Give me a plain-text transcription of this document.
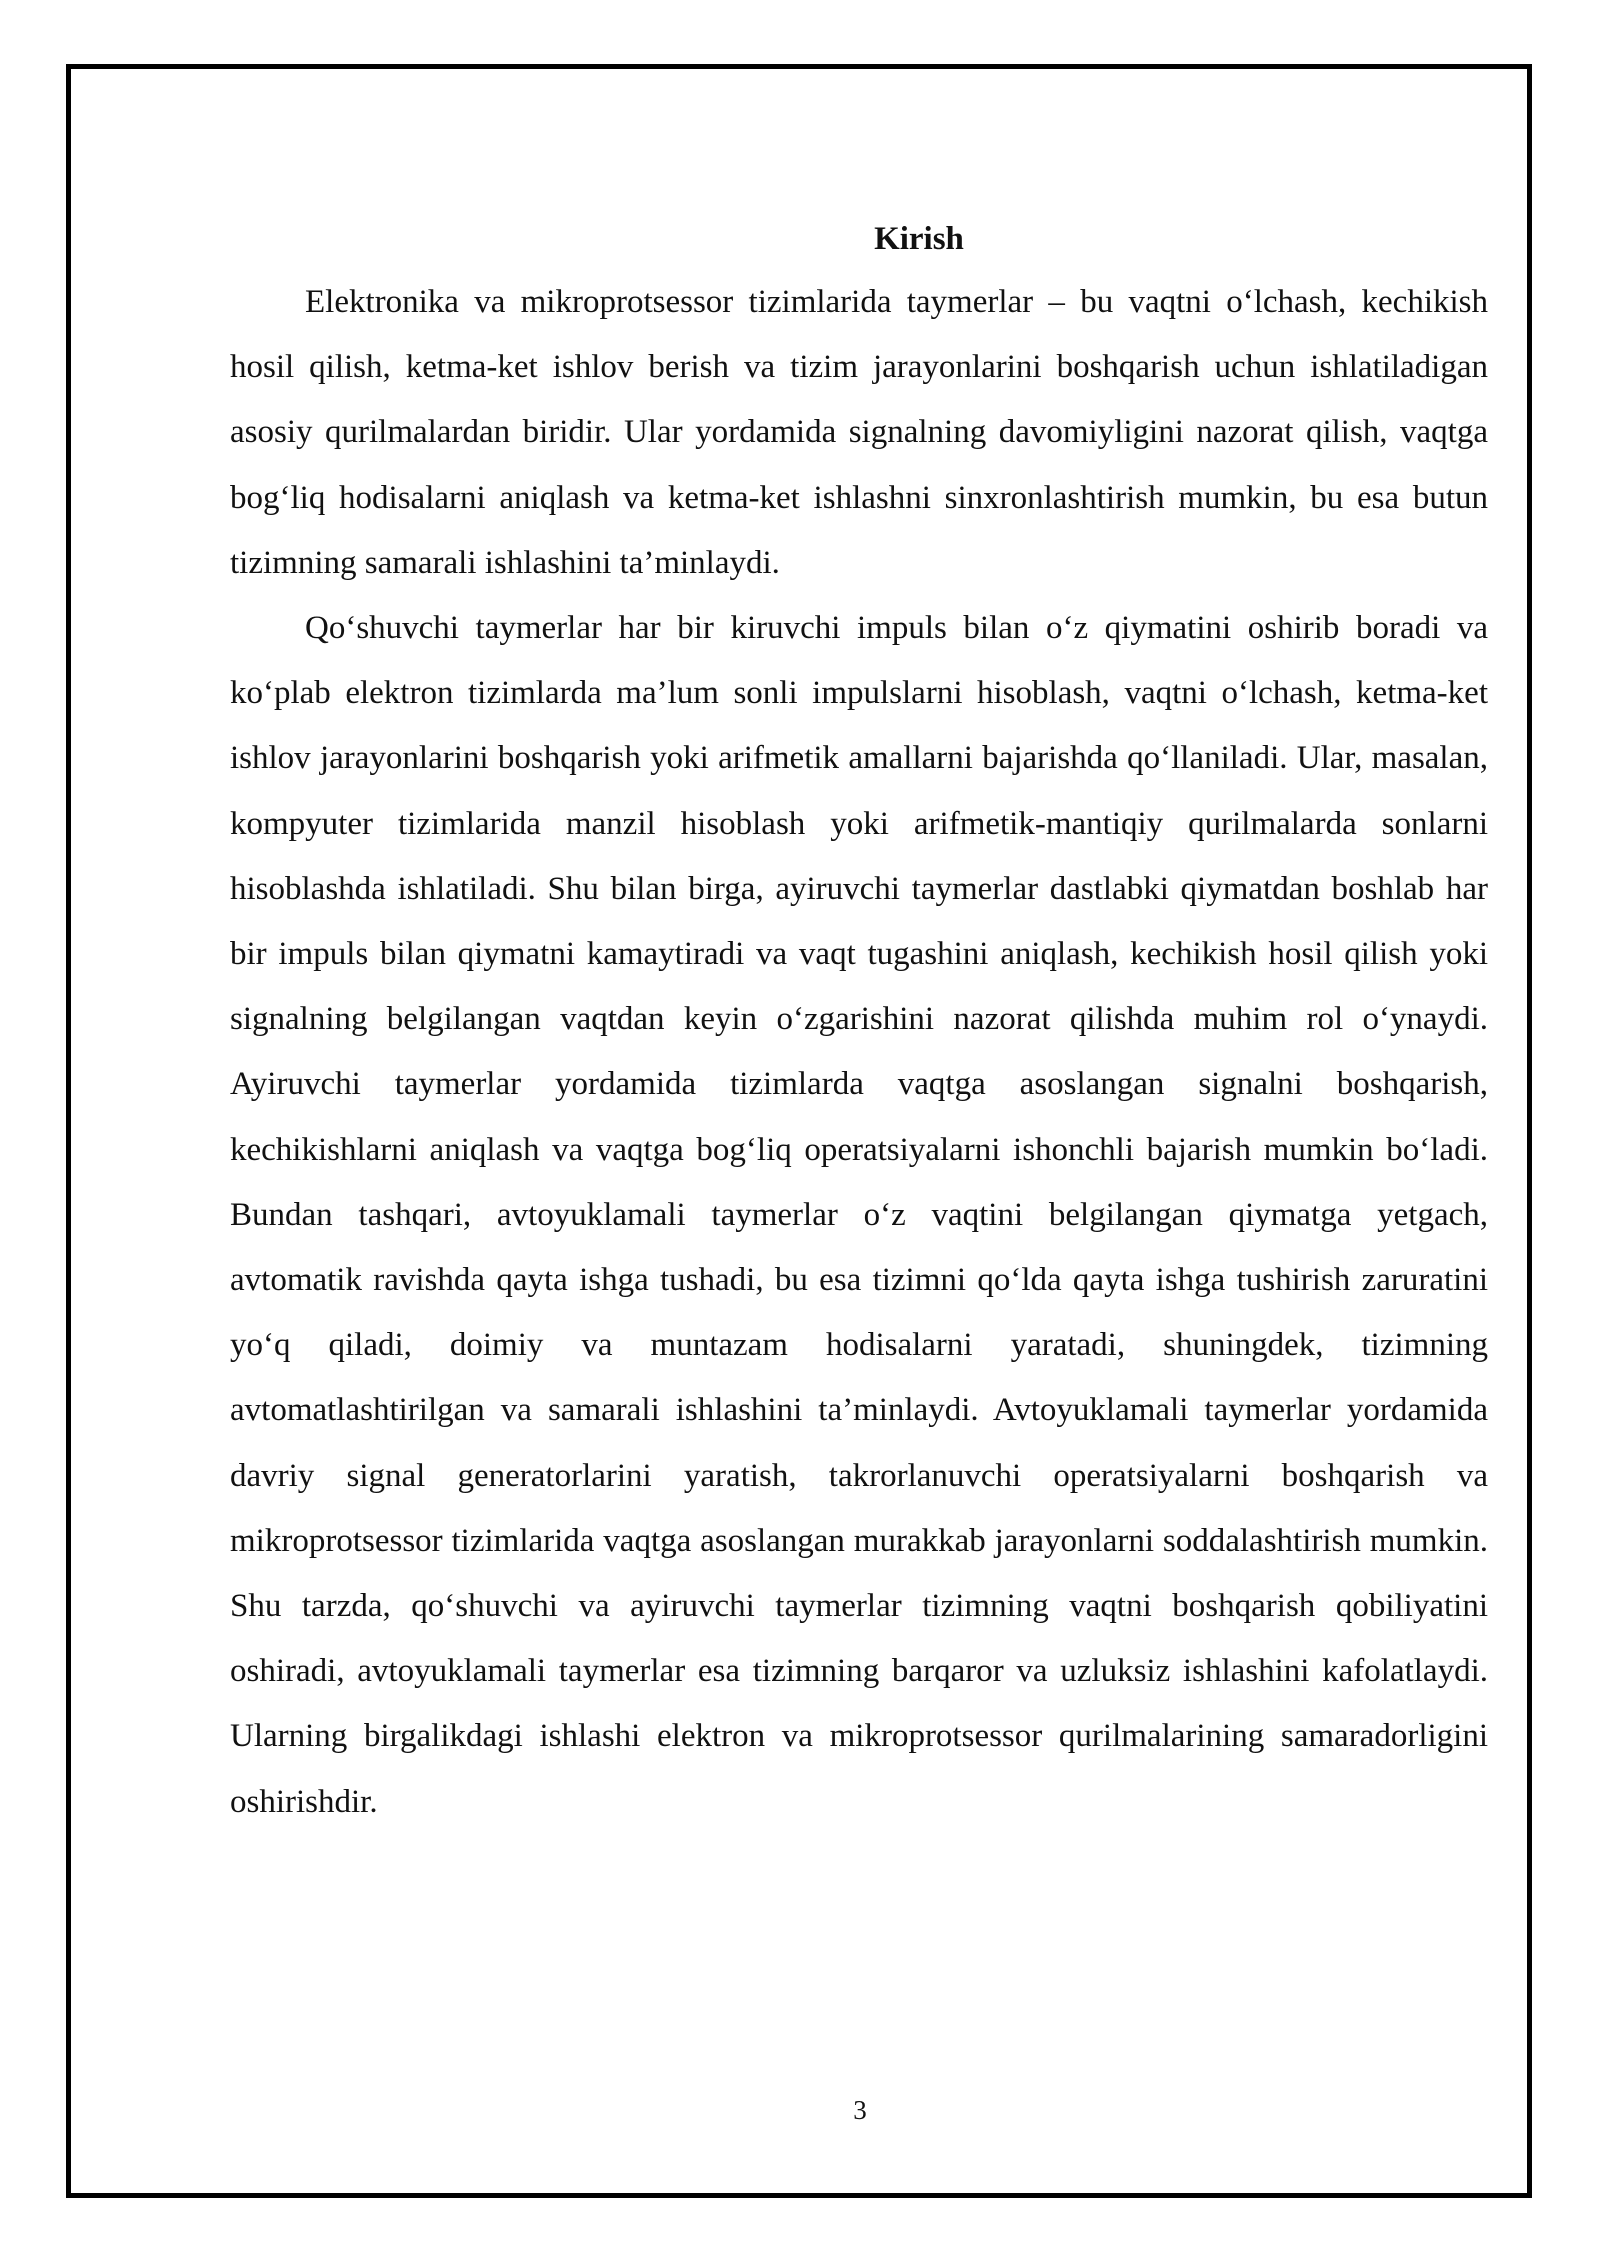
Kirish

Elektronika va mikroprotsessor tizimlarida taymerlar – bu vaqtni o‘lchash, kechikish hosil qilish, ketma-ket ishlov berish va tizim jarayonlarini boshqarish uchun ishlatiladigan asosiy qurilmalardan biridir. Ular yordamida signalning davomiyligini nazorat qilish, vaqtga bog‘liq hodisalarni aniqlash va ketma-ket ishlashni sinxronlashtirish mumkin, bu esa butun tizimning samarali ishlashini ta’minlaydi.

Qo‘shuvchi taymerlar har bir kiruvchi impuls bilan o‘z qiymatini oshirib boradi va ko‘plab elektron tizimlarda ma’lum sonli impulslarni hisoblash, vaqtni o‘lchash, ketma-ket ishlov jarayonlarini boshqarish yoki arifmetik amallarni bajarishda qo‘llaniladi. Ular, masalan, kompyuter tizimlarida manzil hisoblash yoki arifmetik-mantiqiy qurilmalarda sonlarni hisoblashda ishlatiladi. Shu bilan birga, ayiruvchi taymerlar dastlabki qiymatdan boshlab har bir impuls bilan qiymatni kamaytiradi va vaqt tugashini aniqlash, kechikish hosil qilish yoki signalning belgilangan vaqtdan keyin o‘zgarishini nazorat qilishda muhim rol o‘ynaydi. Ayiruvchi taymerlar yordamida tizimlarda vaqtga asoslangan signalni boshqarish, kechikishlarni aniqlash va vaqtga bog‘liq operatsiyalarni ishonchli bajarish mumkin bo‘ladi. Bundan tashqari, avtoyuklamali taymerlar o‘z vaqtini belgilangan qiymatga yetgach, avtomatik ravishda qayta ishga tushadi, bu esa tizimni qo‘lda qayta ishga tushirish zaruratini yo‘q qiladi, doimiy va muntazam hodisalarni yaratadi, shuningdek, tizimning avtomatlashtirilgan va samarali ishlashini ta’minlaydi. Avtoyuklamali taymerlar yordamida davriy signal generatorlarini yaratish, takrorlanuvchi operatsiyalarni boshqarish va mikroprotsessor tizimlarida vaqtga asoslangan murakkab jarayonlarni soddalashtirish mumkin. Shu tarzda, qo‘shuvchi va ayiruvchi taymerlar tizimning vaqtni boshqarish qobiliyatini oshiradi, avtoyuklamali taymerlar esa tizimning barqaror va uzluksiz ishlashini kafolatlaydi. Ularning birgalikdagi ishlashi elektron va mikroprotsessor qurilmalarining samaradorligini oshirishdir.

3
